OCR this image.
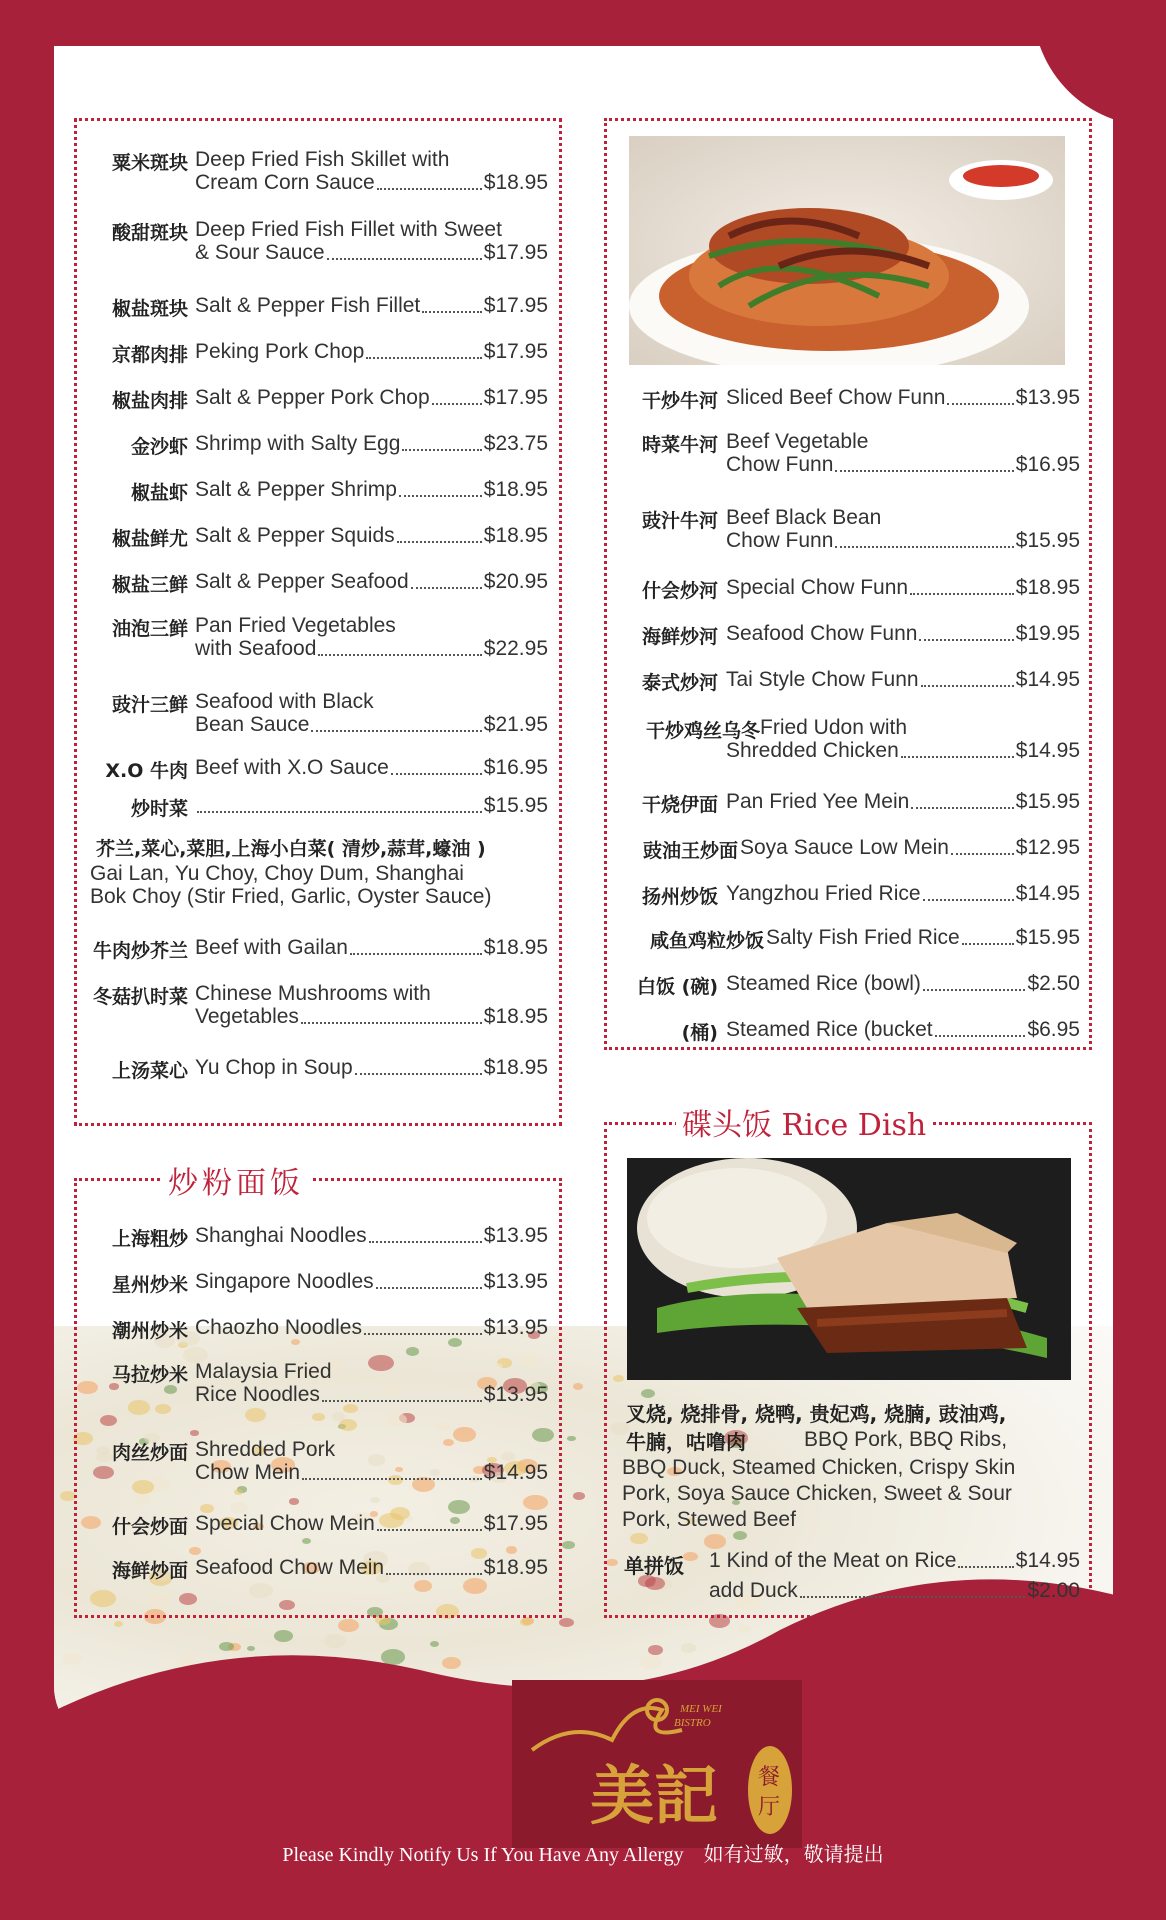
炒粉面饭
碟头饭 Rice Dish
MEI WEI
BISTRO
美記 餐
厅
Please Kindly Notify Us If You Have Any Allergy 如有过敏，敬请提出
粟米斑块 Deep Fried Fish Skillet with
Cream Corn Sauce	$18.95
酸甜斑块 Deep Fried Fish Fillet with Sweet
& Sour Sauce	$17.95
椒盐斑块 Salt & Pepper Fish Fillet	$17.95
京都肉排 Peking Pork Chop	$17.95
椒盐肉排 Salt & Pepper Pork Chop	$17.95
金沙虾 Shrimp with Salty Egg	$23.75
椒盐虾 Salt & Pepper Shrimp	$18.95
椒盐鲜尤 Salt & Pepper Squids	$18.95
椒盐三鲜 Salt & Pepper Seafood	$20.95
油泡三鲜 Pan Fried Vegetables
with Seafood	$22.95
豉汁三鲜 Seafood with Black
Bean Sauce	$21.95
X.O 牛肉 Beef with X.O Sauce	$16.95
炒时菜	$15.95
芥兰,菜心,菜胆,上海小白菜( 清炒,蒜茸,蠔油 )
Gai Lan, Yu Choy, Choy Dum, Shanghai
Bok Choy (Stir Fried, Garlic, Oyster Sauce)
牛肉炒芥兰 Beef with Gailan	$18.95
冬菇扒时菜 Chinese Mushrooms with
Vegetables	$18.95
上汤菜心 Yu Chop in Soup	$18.95
上海粗炒 Shanghai Noodles	$13.95
星州炒米 Singapore Noodles	$13.95
潮州炒米 Chaozho Noodles	$13.95
马拉炒米 Malaysia Fried
Rice Noodles	$13.95
肉丝炒面 Shredded Pork
Chow Mein	$14.95
什会炒面 Special Chow Mein	$17.95
海鲜炒面 Seafood Chow Mein	$18.95
干炒牛河 Sliced Beef Chow Funn	$13.95
時菜牛河 Beef Vegetable
Chow Funn	$16.95
豉汁牛河 Beef Black Bean
Chow Funn	$15.95
什会炒河 Special Chow Funn	$18.95
海鲜炒河 Seafood Chow Funn	$19.95
泰式炒河 Tai Style Chow Funn	$14.95
干炒鸡丝乌冬 Fried Udon with
Shredded Chicken	$14.95
干烧伊面 Pan Fried Yee Mein	$15.95
豉油王炒面 Soya Sauce Low Mein	$12.95
扬州炒饭 Yangzhou Fried Rice	$14.95
咸鱼鸡粒炒饭 Salty Fish Fried Rice	$15.95
白饭 (碗) Steamed Rice (bowl)	$2.50
(桶) Steamed Rice (bucket	$6.95
叉烧, 烧排骨, 烧鸭, 贵妃鸡, 烧腩, 豉油鸡,
牛腩，咕噜肉	BBQ Pork, BBQ Ribs,
BBQ Duck, Steamed Chicken, Crispy Skin
Pork, Soya Sauce Chicken, Sweet & Sour
Pork, Stewed Beef
单拼饭 1 Kind of the Meat on Rice	$14.95
add Duck	$2.00
